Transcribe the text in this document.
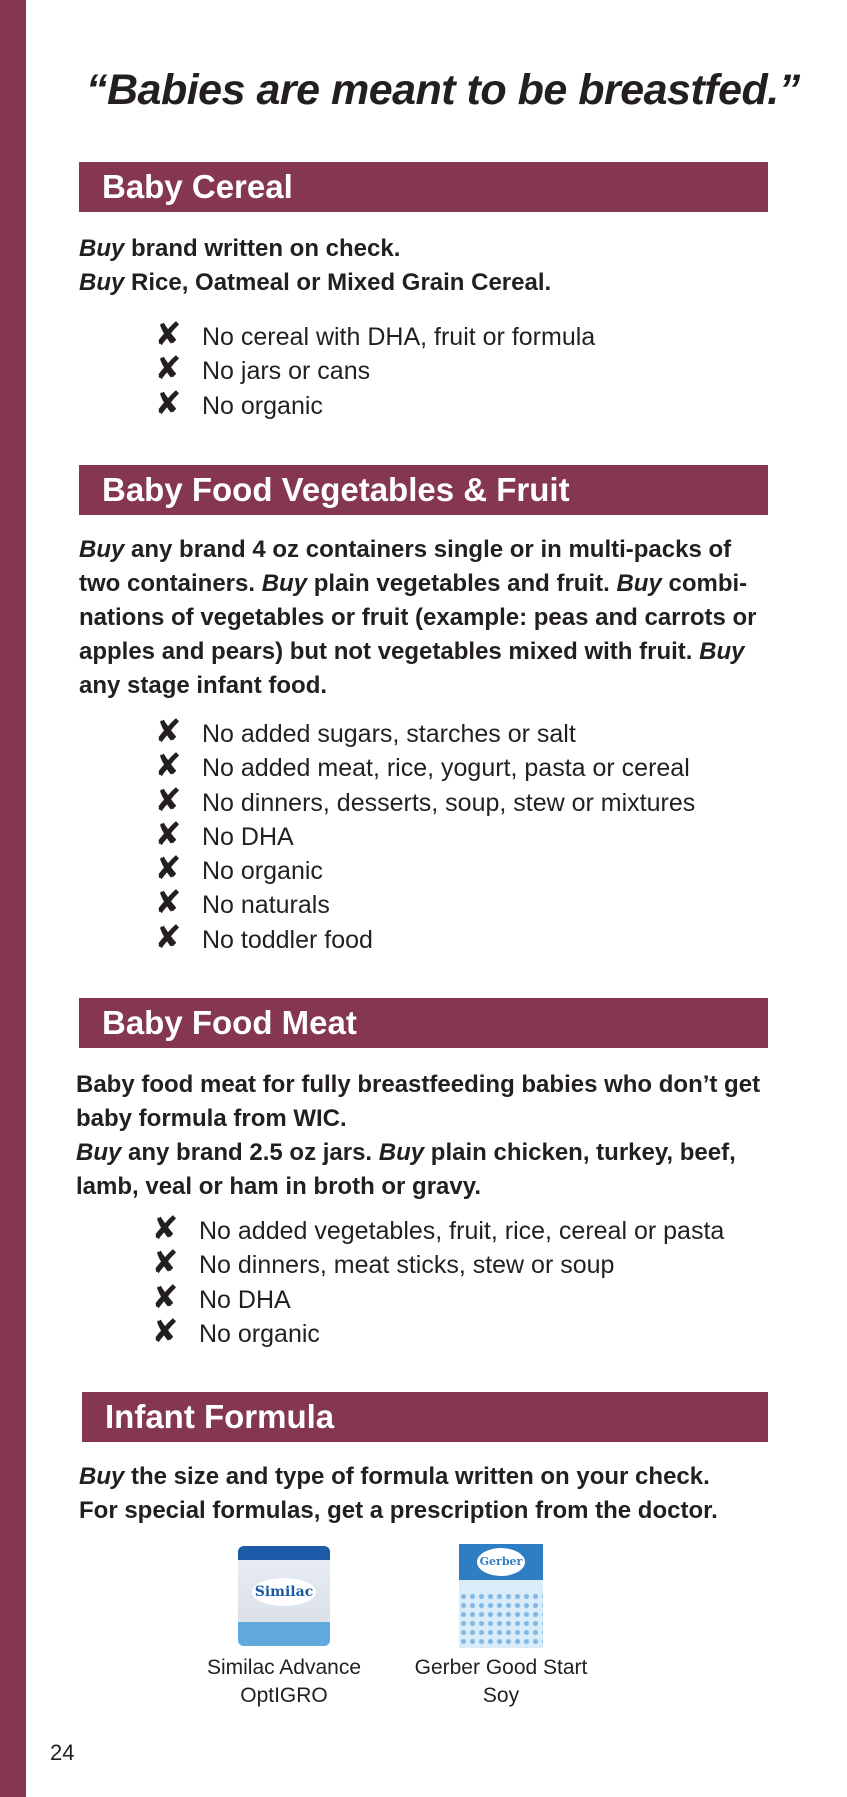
“Babies are meant to be breastfed.”
Baby Cereal
Buy brand written on check.
Buy Rice, Oatmeal or Mixed Grain Cereal.
✘ No cereal with DHA, fruit or formula
✘ No jars or cans
✘ No organic
Baby Food Vegetables & Fruit

Buy any brand 4 oz containers single or in multi-packs of two containers. Buy plain vegetables and fruit. Buy combi-nations of vegetables or fruit (example: peas and carrots or apples and pears) but not vegetables mixed with fruit. Buy any stage infant food.

✘ No added sugars, starches or salt
✘ No added meat, rice, yogurt, pasta or cereal
✘ No dinners, desserts, soup, stew or mixtures
✘ No DHA
✘ No organic
✘ No naturals
✘ No toddler food
Baby Food Meat
Baby food meat for fully breastfeeding babies who don’t get baby formula from WIC.
Buy any brand 2.5 oz jars. Buy plain chicken, turkey, beef, lamb, veal or ham in broth or gravy.
✘ No added vegetables, fruit, rice, cereal or pasta
✘ No dinners, meat sticks, stew or soup
✘ No DHA
✘ No organic
Infant Formula
Buy the size and type of formula written on your check.
For special formulas, get a prescription from the doctor.
Similac
Similac Advance
OptIGRO
Gerber
Gerber Good Start
Soy
24
